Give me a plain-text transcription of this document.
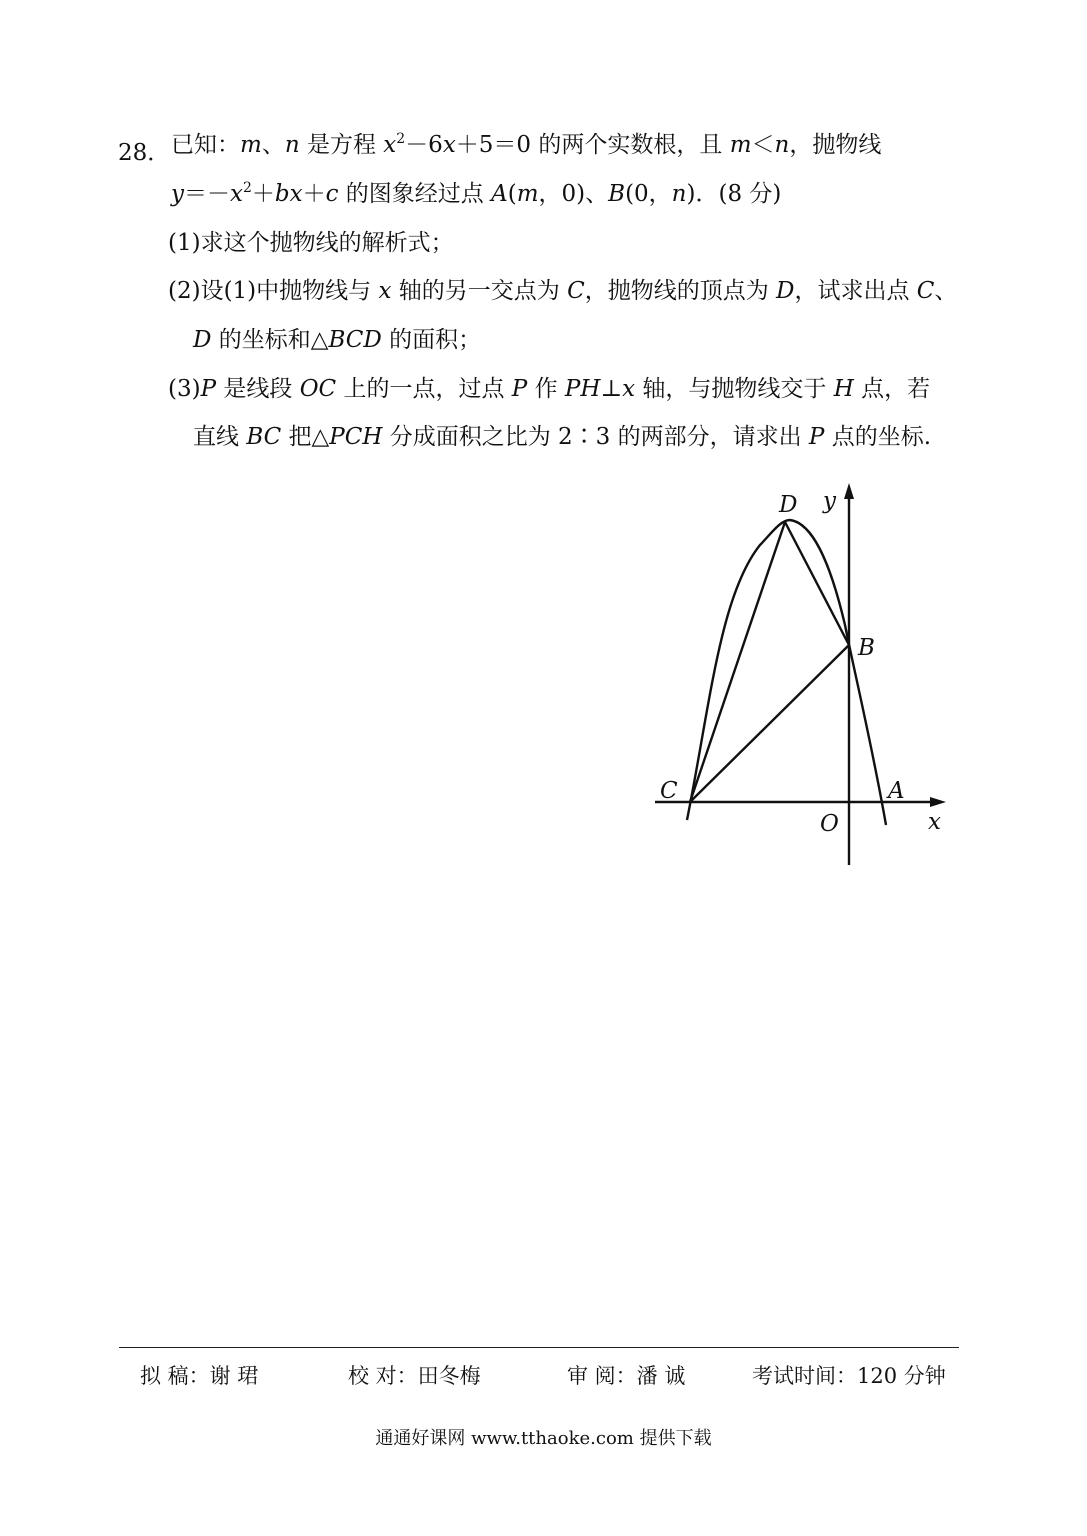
28． 已知：m、n 是方程 $x^2-6x+5=0$ 的两个实数根，且 m＜n，抛物线
$y=-x^2+bx+c$ 的图象经过点 A(m，0)、B(0，n)．(8 分)
(1)求这个抛物线的解析式；
(2)设(1)中抛物线与 x 轴的另一交点为 C，抛物线的顶点为 D，试求出点 C、
D 的坐标和△BCD 的面积；
(3)P 是线段 OC 上的一点，过点 P 作 PH⊥x 轴，与抛物线交于 H 点，若
直线 BC 把△PCH 分成面积之比为 2∶3 的两部分，请求出 P 点的坐标.
D y
B
C	A
O	x
拟 稿：谢 珺	校 对：田冬梅	审 阅：潘 诚	考试时间：120 分钟
通通好课网 www.tthaoke.com 提供下载
